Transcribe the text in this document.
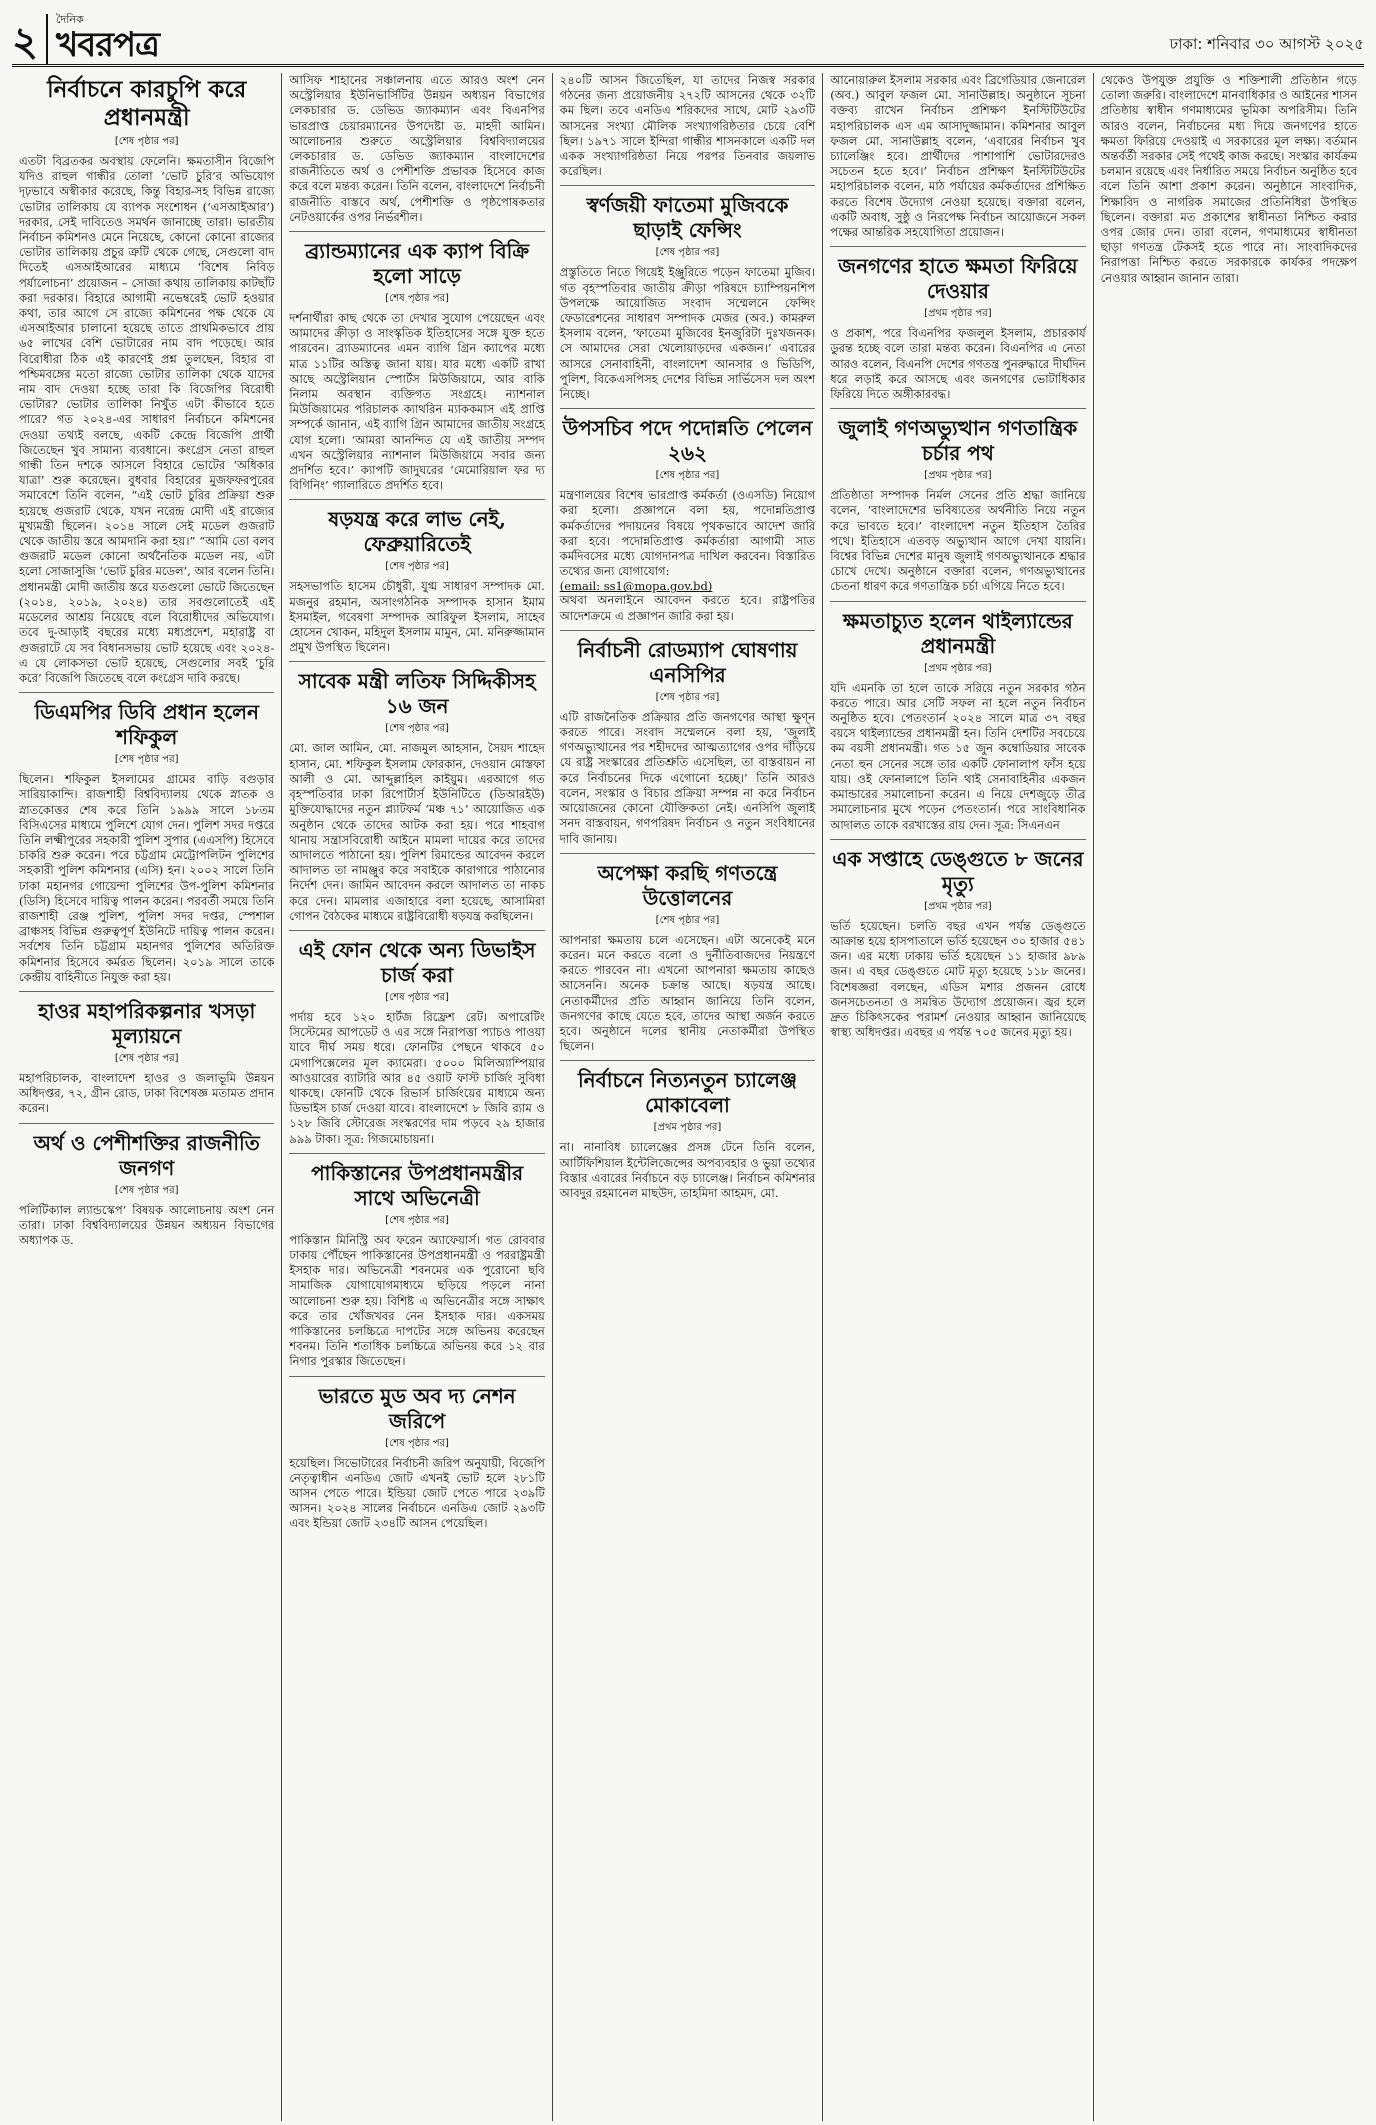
২ দৈনিক
খবরপত্র	ঢাকা: শনিবার ৩০ আগস্ট ২০২৫
নির্বাচনে কারচুপি করে প্রধানমন্ত্রী
[শেষ পৃষ্ঠার পর]

এতটা বিব্রতকর অবস্থায় ফেলেনি। ক্ষমতাসীন বিজেপি যদিও রাহুল গান্ধীর তোলা ‘ভোট চুরি’র অভিযোগ দৃঢ়ভাবে অস্বীকার করেছে, কিন্তু বিহার-সহ বিভিন্ন রাজ্যে ভোটার তালিকায় যে ব্যাপক সংশোধন (‘এসআইআর’) দরকার, সেই দাবিতেও সমর্থন জানাচ্ছে তারা। ভারতীয় নির্বাচন কমিশনও মেনে নিয়েছে, কোনো কোনো রাজ্যের ভোটার তালিকায় প্রচুর ত্রুটি থেকে গেছে, সেগুলো বাদ দিতেই এসআইআরের মাধ্যমে ‘বিশেষ নিবিড় পর্যালোচনা’ প্রয়োজন – সোজা কথায় তালিকায় কাটছাঁট করা দরকার। বিহারে আগামী নভেম্বরেই ভোট হওয়ার কথা, তার আগে সে রাজ্যে কমিশনের পক্ষ থেকে যে এসআইআর চালানো হয়েছে তাতে প্রাথমিকভাবে প্রায় ৬৫ লাখের বেশি ভোটারের নাম বাদ পড়েছে। আর বিরোধীরা ঠিক এই কারণেই প্রশ্ন তুলছেন, বিহার বা পশ্চিমবঙ্গের মতো রাজ্যে ভোটার তালিকা থেকে যাদের নাম বাদ দেওয়া হচ্ছে তারা কি বিজেপির বিরোধী ভোটার? ভোটার তালিকা নিখুঁত এটা কীভাবে হতে পারে? গত ২০২৪-এর সাধারণ নির্বাচনে কমিশনের দেওয়া তথ্যই বলছে, একটি কেন্দ্রে বিজেপি প্রার্থী জিতেছেন খুব সামান্য ব্যবধানে। কংগ্রেস নেতা রাহুল গান্ধী তিন দশকে আসলে বিহারে ভোটের ‘অধিকার যাত্রা’ শুরু করেছেন। বুধবার বিহারের মুজফফরপুরের সমাবেশে তিনি বলেন, “এই ভোট চুরির প্রক্রিয়া শুরু হয়েছে গুজরাট থেকে, যখন নরেন্দ্র মোদী এই রাজ্যের মুখ্যমন্ত্রী ছিলেন। ২০১৪ সালে সেই মডেল গুজরাট থেকে জাতীয় স্তরে আমদানি করা হয়।” “আমি তো বলব গুজরাট মডেল কোনো অর্থনৈতিক মডেল নয়, এটা হলো সোজাসুজি ‘ভোট চুরির মডেল’, আর বলেন তিনি। প্রধানমন্ত্রী মোদী জাতীয় স্তরে যতগুলো ভোটে জিতেছেন (২০১৪, ২০১৯, ২০২৪) তার সবগুলোতেই এই মডেলের আশ্রয় নিয়েছে বলে বিরোধীদের অভিযোগ। তবে দু-আড়াই বছরের মধ্যে মধ্যপ্রদেশ, মহারাষ্ট্র বা গুজরাটে যে সব বিধানসভায় ভোট হয়েছে এবং ২০২৪-এ যে লোকসভা ভোট হয়েছে, সেগুলোর সবই ‘চুরি করে’ বিজেপি জিতেছে বলে কংগ্রেস দাবি করছে।

ডিএমপির ডিবি প্রধান হলেন শফিকুল
[শেষ পৃষ্ঠার পর]

ছিলেন। শফিকুল ইসলামের গ্রামের বাড়ি বগুড়ার সারিয়াকান্দি। রাজশাহী বিশ্ববিদ্যালয় থেকে স্নাতক ও স্নাতকোত্তর শেষ করে তিনি ১৯৯৯ সালে ১৮তম বিসিএসের মাধ্যমে পুলিশে যোগ দেন। পুলিশ সদর দপ্তরে তিনি লক্ষ্মীপুরের সহকারী পুলিশ সুপার (এএসপি) হিসেবে চাকরি শুরু করেন। পরে চট্টগ্রাম মেট্রোপলিটন পুলিশের সহকারী পুলিশ কমিশনার (এসি) হন। ২০০২ সালে তিনি ঢাকা মহানগর গোয়েন্দা পুলিশের উপ-পুলিশ কমিশনার (ডিসি) হিসেবে দায়িত্ব পালন করেন। পরবর্তী সময়ে তিনি রাজশাহী রেঞ্জ পুলিশ, পুলিশ সদর দপ্তর, স্পেশাল ব্রাঞ্চসহ বিভিন্ন গুরুত্বপূর্ণ ইউনিটে দায়িত্ব পালন করেন। সর্বশেষ তিনি চট্টগ্রাম মহানগর পুলিশের অতিরিক্ত কমিশনার হিসেবে কর্মরত ছিলেন। ২০১৯ সালে তাকে কেন্দ্রীয় বাহিনীতে নিযুক্ত করা হয়।

হাওর মহাপরিকল্পনার খসড়া মূল্যায়নে
[শেষ পৃষ্ঠার পর]

মহাপরিচালক, বাংলাদেশ হাওর ও জলাভূমি উন্নয়ন অধিদপ্তর, ৭২, গ্রীন রোড, ঢাকা বিশেষজ্ঞ মতামত প্রদান করেন।

অর্থ ও পেশীশক্তির রাজনীতি জনগণ
[শেষ পৃষ্ঠার পর]

পলিটিক্যাল ল্যান্ডস্কেপ’ বিষয়ক আলোচনায় অংশ নেন তারা। ঢাকা বিশ্ববিদ্যালয়ের উন্নয়ন অধ্যয়ন বিভাগের অধ্যাপক ড.

আসিফ শাহানের সঞ্চালনায় এতে আরও অংশ নেন অস্ট্রেলিয়ার ইউনিভার্সিটির উন্নয়ন অধ্যয়ন বিভাগের লেকচারার ড. ডেভিড জ্যাকম্যান এবং বিএনপির ভারপ্রাপ্ত চেয়ারম্যানের উপদেষ্টা ড. মাহদী আমিন। আলোচনার শুরুতে অস্ট্রেলিয়ার বিশ্ববিদ্যালয়ের লেকচারার ড. ডেভিড জ্যাকম্যান বাংলাদেশের রাজনীতিতে অর্থ ও পেশীশক্তি প্রভাবক হিসেবে কাজ করে বলে মন্তব্য করেন। তিনি বলেন, বাংলাদেশে নির্বাচনী রাজনীতি বাস্তবে অর্থ, পেশীশক্তি ও পৃষ্ঠপোষকতার নেটওয়ার্কের ওপর নির্ভরশীল।

ব্র্যান্ডম্যানের এক ক্যাপ বিক্রি হলো সাড়ে
[শেষ পৃষ্ঠার পর]

দর্শনার্থীরা কাছ থেকে তা দেখার সুযোগ পেয়েছেন এবং আমাদের ক্রীড়া ও সাংস্কৃতিক ইতিহাসের সঙ্গে যুক্ত হতে পারবেন। ব্র্যাডম্যানের এমন ব্যাগি গ্রিন ক্যাপের মধ্যে মাত্র ১১টির অস্তিত্ব জানা যায়। যার মধ্যে একটি রাখা আছে অস্ট্রেলিয়ান স্পোর্টস মিউজিয়ামে, আর বাকি নিলাম অবস্থান ব্যক্তিগত সংগ্রহে। ন্যাশনাল মিউজিয়ামের পরিচালক ক্যাথরিন ম্যাককমাস এই প্রাপ্তি সম্পর্কে জানান, এই ব্যাগি গ্রিন আমাদের জাতীয় সংগ্রহে যোগ হলো। ‘আমরা আনন্দিত যে এই জাতীয় সম্পদ এখন অস্ট্রেলিয়ার ন্যাশনাল মিউজিয়ামে সবার জন্য প্রদর্শিত হবে।’ ক্যাপটি জাদুঘরের ‘মেমোরিয়াল ফর দ্য বিগিনিং’ গ্যালারিতে প্রদর্শিত হবে।

ষড়যন্ত্র করে লাভ নেই, ফেব্রুয়ারিতেই
[শেষ পৃষ্ঠার পর]

সহসভাপতি হাসেম চৌধুরী, যুগ্ম সাধারণ সম্পাদক মো. মজনুর রহমান, অসাংগঠনিক সম্পাদক হাসান ইমাম ইসমাইল, গবেষণা সম্পাদক আরিফুল ইসলাম, সাহেব হোসেন খোকন, মহিদুল ইসলাম মামুন, মো. মনিরুজ্জামান প্রমুখ উপস্থিত ছিলেন।

সাবেক মন্ত্রী লতিফ সিদ্দিকীসহ ১৬ জন
[শেষ পৃষ্ঠার পর]

মো. জাল আমিন, মো. নাজমুল আহসান, সৈয়দ শাহেদ হাসান, মো. শফিকুল ইসলাম ফোরকান, দেওয়ান মোস্তফা আলী ও মো. আব্দুল্লাহিল কাইয়ুম। এরআগে গত বৃহস্পতিবার ঢাকা রিপোর্টার্স ইউনিটিতে (ডিআরইউ) মুক্তিযোদ্ধাদের নতুন প্ল্যাটফর্ম ‘মঞ্চ ৭১’ আয়োজিত এক অনুষ্ঠান থেকে তাদের আটক করা হয়। পরে শাহবাগ থানায় সন্ত্রাসবিরোধী আইনে মামলা দায়ের করে তাদের আদালতে পাঠানো হয়। পুলিশ রিমান্ডের আবেদন করলে আদালত তা নামঞ্জুর করে সবাইকে কারাগারে পাঠানোর নির্দেশ দেন। জামিন আবেদন করলে আদালত তা নাকচ করে দেন। মামলার এজাহারে বলা হয়েছে, আসামিরা গোপন বৈঠকের মাধ্যমে রাষ্ট্রবিরোধী ষড়যন্ত্র করছিলেন।

এই ফোন থেকে অন্য ডিভাইস চার্জ করা
[শেষ পৃষ্ঠার পর]

পর্দায় হবে ১২০ হার্টজ রিফ্রেশ রেট। অপারেটিং সিস্টেমের আপডেট ও এর সঙ্গে নিরাপত্তা প্যাচও পাওয়া যাবে দীর্ঘ সময় ধরে। ফোনটির পেছনে থাকবে ৫০ মেগাপিক্সেলের মূল ক্যামেরা। ৫০০০ মিলিঅ্যাম্পিয়ার আওয়ারের ব্যাটারি আর ৪৫ ওয়াট ফাস্ট চার্জিং সুবিধা থাকছে। ফোনটি থেকে রিভার্স চার্জিংয়ের মাধ্যমে অন্য ডিভাইস চার্জ দেওয়া যাবে। বাংলাদেশে ৮ জিবি র‍্যাম ও ১২৮ জিবি স্টোরেজ সংস্করণের দাম পড়বে ২৯ হাজার ৯৯৯ টাকা। সূত্র: গিজমোচায়না।

পাকিস্তানের উপপ্রধানমন্ত্রীর সাথে অভিনেত্রী
[শেষ পৃষ্ঠার পর]

পাকিস্তান মিনিস্ট্রি অব ফরেন অ্যাফেয়ার্স। গত রোববার ঢাকায় পৌঁছেন পাকিস্তানের উপপ্রধানমন্ত্রী ও পররাষ্ট্রমন্ত্রী ইসহাক দার। অভিনেত্রী শবনমের এক পুরোনো ছবি সামাজিক যোগাযোগমাধ্যমে ছড়িয়ে পড়লে নানা আলোচনা শুরু হয়। বিশিষ্ট এ অভিনেত্রীর সঙ্গে সাক্ষাৎ করে তার খোঁজখবর নেন ইসহাক দার। একসময় পাকিস্তানের চলচ্চিত্রে দাপটের সঙ্গে অভিনয় করেছেন শবনম। তিনি শতাধিক চলচ্চিত্রে অভিনয় করে ১২ বার নিগার পুরস্কার জিতেছেন।

ভারতে মুড অব দ্য নেশন জরিপে
[শেষ পৃষ্ঠার পর]

হয়েছিল। সিভোটারের নির্বাচনী জরিপ অনুযায়ী, বিজেপি নেতৃত্বাধীন এনডিএ জোট এখনই ভোট হলে ২৮১টি আসন পেতে পারে। ইন্ডিয়া জোট পেতে পারে ২৩৯টি আসন। ২০২৪ সালের নির্বাচনে এনডিএ জোট ২৯৩টি এবং ইন্ডিয়া জোট ২৩৪টি আসন পেয়েছিল।

২৪০টি আসন জিতেছিল, যা তাদের নিজস্ব সরকার গঠনের জন্য প্রয়োজনীয় ২৭২টি আসনের থেকে ৩২টি কম ছিল। তবে এনডিএ শরিকদের সাথে, মোট ২৯৩টি আসনের সংখ্যা মৌলিক সংখ্যাগরিষ্ঠতার চেয়ে বেশি ছিল। ১৯৭১ সালে ইন্দিরা গান্ধীর শাসনকালে একটি দল একক সংখ্যাগরিষ্ঠতা নিয়ে পরপর তিনবার জয়লাভ করেছিল।

স্বর্ণজয়ী ফাতেমা মুজিবকে ছাড়াই ফেন্সিং
[শেষ পৃষ্ঠার পর]

প্রস্তুতিতে নিতে গিয়েই ইঞ্জুরিতে পড়েন ফাতেমা মুজিব। গত বৃহস্পতিবার জাতীয় ক্রীড়া পরিষদে চ্যাম্পিয়নশিপ উপলক্ষে আয়োজিত সংবাদ সম্মেলনে ফেন্সিং ফেডারেশনের সাধারণ সম্পাদক মেজর (অব.) কামরুল ইসলাম বলেন, ‘ফাতেমা মুজিবের ইনজুরিটা দুঃখজনক। সে আমাদের সেরা খেলোয়াড়দের একজন।’ এবারের আসরে সেনাবাহিনী, বাংলাদেশ আনসার ও ভিডিপি, পুলিশ, বিকেএসপিসহ দেশের বিভিন্ন সার্ভিসেস দল অংশ নিচ্ছে।

উপসচিব পদে পদোন্নতি পেলেন ২৬২
[শেষ পৃষ্ঠার পর]

মন্ত্রণালয়ের বিশেষ ভারপ্রাপ্ত কর্মকর্তা (ওএসডি) নিয়োগ করা হলো। প্রজ্ঞাপনে বলা হয়, পদোন্নতিপ্রাপ্ত কর্মকর্তাদের পদায়নের বিষয়ে পৃথকভাবে আদেশ জারি করা হবে। পদোন্নতিপ্রাপ্ত কর্মকর্তারা আগামী সাত কর্মদিবসের মধ্যে যোগদানপত্র দাখিল করবেন। বিস্তারিত তথ্যের জন্য যোগাযোগ:

(email: ss1@mopa.gov.bd)

অথবা অনলাইনে আবেদন করতে হবে। রাষ্ট্রপতির আদেশক্রমে এ প্রজ্ঞাপন জারি করা হয়।

নির্বাচনী রোডম্যাপ ঘোষণায় এনসিপির
[শেষ পৃষ্ঠার পর]

এটি রাজনৈতিক প্রক্রিয়ার প্রতি জনগণের আস্থা ক্ষুণ্ন করতে পারে। সংবাদ সম্মেলনে বলা হয়, ‘জুলাই গণঅভ্যুত্থানের পর শহীদদের আত্মত্যাগের ওপর দাঁড়িয়ে যে রাষ্ট্র সংস্কারের প্রতিশ্রুতি এসেছিল, তা বাস্তবায়ন না করে নির্বাচনের দিকে এগোনো হচ্ছে।’ তিনি আরও বলেন, সংস্কার ও বিচার প্রক্রিয়া সম্পন্ন না করে নির্বাচন আয়োজনের কোনো যৌক্তিকতা নেই। এনসিপি জুলাই সনদ বাস্তবায়ন, গণপরিষদ নির্বাচন ও নতুন সংবিধানের দাবি জানায়।

অপেক্ষা করছি গণতন্ত্রে উত্তোলনের
[শেষ পৃষ্ঠার পর]

আপনারা ক্ষমতায় চলে এসেছেন। এটা অনেকেই মনে করেন। মনে করতে বলো ও দুর্নীতিবাজদের নিয়ন্ত্রণে করতে পারবেন না। এখনো আপনারা ক্ষমতায় কাছেও আসেননি। অনেক চক্রান্ত আছে। ষড়যন্ত্র আছে। নেতাকর্মীদের প্রতি আহ্বান জানিয়ে তিনি বলেন, জনগণের কাছে যেতে হবে, তাদের আস্থা অর্জন করতে হবে। অনুষ্ঠানে দলের স্থানীয় নেতাকর্মীরা উপস্থিত ছিলেন।

নির্বাচনে নিত্যনতুন চ্যালেঞ্জ মোকাবেলা
[প্রথম পৃষ্ঠার পর]

না। নানাবিধ চ্যালেঞ্জের প্রসঙ্গ টেনে তিনি বলেন, আর্টিফিশিয়াল ইন্টেলিজেন্সের অপব্যবহার ও ভুয়া তথ্যের বিস্তার এবারের নির্বাচনে বড় চ্যালেঞ্জ। নির্বাচন কমিশনার আবদুর রহমানেল মাছউদ, তাহমিদা আহমদ, মো.

আনোয়ারুল ইসলাম সরকার এবং ব্রিগেডিয়ার জেনারেল (অব.) আবুল ফজল মো. সানাউল্লাহ। অনুষ্ঠানে সূচনা বক্তব্য রাখেন নির্বাচন প্রশিক্ষণ ইনস্টিটিউটের মহাপরিচালক এস এম আসাদুজ্জামান। কমিশনার আবুল ফজল মো. সানাউল্লাহ বলেন, ‘এবারের নির্বাচন খুব চ্যালেঞ্জিং হবে। প্রার্থীদের পাশাপাশি ভোটারদেরও সচেতন হতে হবে।’ নির্বাচন প্রশিক্ষণ ইনস্টিটিউটের মহাপরিচালক বলেন, মাঠ পর্যায়ের কর্মকর্তাদের প্রশিক্ষিত করতে বিশেষ উদ্যোগ নেওয়া হয়েছে। বক্তারা বলেন, একটি অবাধ, সুষ্ঠু ও নিরপেক্ষ নির্বাচন আয়োজনে সকল পক্ষের আন্তরিক সহযোগিতা প্রয়োজন।

জনগণের হাতে ক্ষমতা ফিরিয়ে দেওয়ার
[প্রথম পৃষ্ঠার পর]

ও প্রকাশ, পরে বিএনপির ফজলুল ইসলাম, প্রচারকার্য ডুরন্ত হচ্ছে বলে তারা মন্তব্য করেন। বিএনপির এ নেতা আরও বলেন, বিএনপি দেশের গণতন্ত্র পুনরুদ্ধারে দীর্ঘদিন ধরে লড়াই করে আসছে এবং জনগণের ভোটাধিকার ফিরিয়ে দিতে অঙ্গীকারবদ্ধ।

জুলাই গণঅভ্যুত্থান গণতান্ত্রিক চর্চার পথ
[প্রথম পৃষ্ঠার পর]

প্রতিষ্ঠাতা সম্পাদক নির্মল সেনের প্রতি শ্রদ্ধা জানিয়ে বলেন, ‘বাংলাদেশের ভবিষ্যতের অর্থনীতি নিয়ে নতুন করে ভাবতে হবে।’ বাংলাদেশ নতুন ইতিহাস তৈরির পথে। ইতিহাসে এতবড় অভ্যুত্থান আগে দেখা যায়নি। বিশ্বের বিভিন্ন দেশের মানুষ জুলাই গণঅভ্যুত্থানকে শ্রদ্ধার চোখে দেখে। অনুষ্ঠানে বক্তারা বলেন, গণঅভ্যুত্থানের চেতনা ধারণ করে গণতান্ত্রিক চর্চা এগিয়ে নিতে হবে।

ক্ষমতাচ্যুত হলেন থাইল্যান্ডের প্রধানমন্ত্রী
[প্রথম পৃষ্ঠার পর]

যদি এমনকি তা হলে তাকে সরিয়ে নতুন সরকার গঠন করতে পারে। আর সেটি সফল না হলে নতুন নির্বাচন অনুষ্ঠিত হবে। পেতংতার্ন ২০২৪ সালে মাত্র ৩৭ বছর বয়সে থাইল্যান্ডের প্রধানমন্ত্রী হন। তিনি দেশটির সবচেয়ে কম বয়সী প্রধানমন্ত্রী। গত ১৫ জুন কম্বোডিয়ার সাবেক নেতা হুন সেনের সঙ্গে তার একটি ফোনালাপ ফাঁস হয়ে যায়। ওই ফোনালাপে তিনি থাই সেনাবাহিনীর একজন কমান্ডারের সমালোচনা করেন। এ নিয়ে দেশজুড়ে তীব্র সমালোচনার মুখে পড়েন পেতংতার্ন। পরে সাংবিধানিক আদালত তাকে বরখাস্তের রায় দেন। সূত্র: সিএনএন

এক সপ্তাহে ডেঙ্গুতে ৮ জনের মৃত্যু
[প্রথম পৃষ্ঠার পর]

ভর্তি হয়েছেন। চলতি বছর এখন পর্যন্ত ডেঙ্গুতে আক্রান্ত হয়ে হাসপাতালে ভর্তি হয়েছেন ৩০ হাজার ৫৪১ জন। এর মধ্যে ঢাকায় ভর্তি হয়েছেন ১১ হাজার ৯৮৯ জন। এ বছর ডেঙ্গুতে মোট মৃত্যু হয়েছে ১১৮ জনের। বিশেষজ্ঞরা বলছেন, এডিস মশার প্রজনন রোধে জনসচেতনতা ও সমন্বিত উদ্যোগ প্রয়োজন। জ্বর হলে দ্রুত চিকিৎসকের পরামর্শ নেওয়ার আহ্বান জানিয়েছে স্বাস্থ্য অধিদপ্তর। এবছর এ পর্যন্ত ৭০৫ জনের মৃত্যু হয়।

থেকেও উপযুক্ত প্রযুক্তি ও শক্তিশালী প্রতিষ্ঠান গড়ে তোলা জরুরি। বাংলাদেশে মানবাধিকার ও আইনের শাসন প্রতিষ্ঠায় স্বাধীন গণমাধ্যমের ভূমিকা অপরিসীম। তিনি আরও বলেন, নির্বাচনের মধ্য দিয়ে জনগণের হাতে ক্ষমতা ফিরিয়ে দেওয়াই এ সরকারের মূল লক্ষ্য। বর্তমান অন্তর্বর্তী সরকার সেই পথেই কাজ করছে। সংস্কার কার্যক্রম চলমান রয়েছে এবং নির্ধারিত সময়ে নির্বাচন অনুষ্ঠিত হবে বলে তিনি আশা প্রকাশ করেন। অনুষ্ঠানে সাংবাদিক, শিক্ষাবিদ ও নাগরিক সমাজের প্রতিনিধিরা উপস্থিত ছিলেন। বক্তারা মত প্রকাশের স্বাধীনতা নিশ্চিত করার ওপর জোর দেন। তারা বলেন, গণমাধ্যমের স্বাধীনতা ছাড়া গণতন্ত্র টেকসই হতে পারে না। সাংবাদিকদের নিরাপত্তা নিশ্চিত করতে সরকারকে কার্যকর পদক্ষেপ নেওয়ার আহ্বান জানান তারা।
